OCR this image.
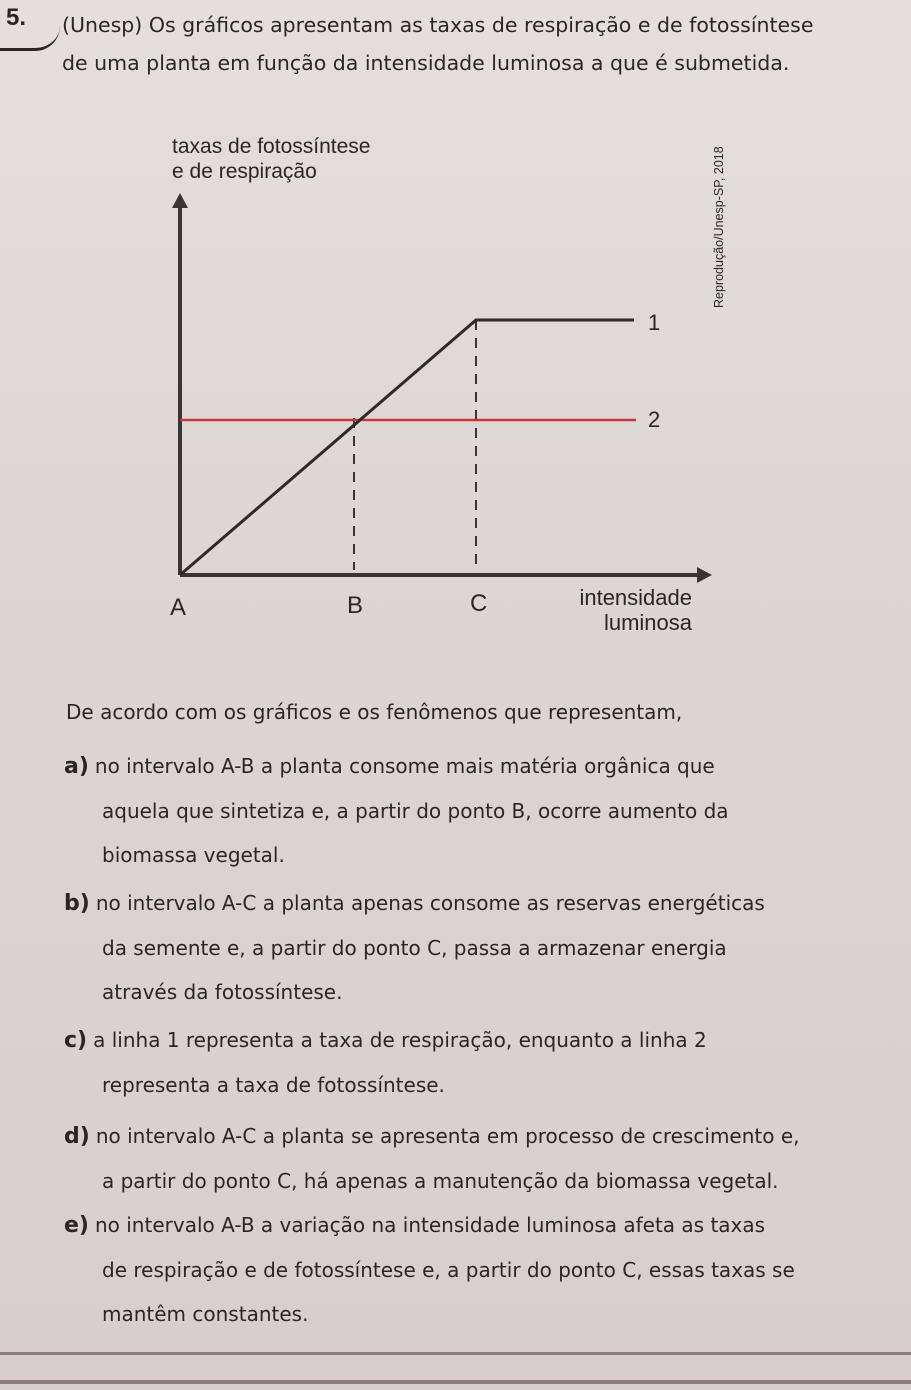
5. (Unesp) Os gráficos apresentam as taxas de respiração e de fotossíntese
de uma planta em função da intensidade luminosa a que é submetida.
Reprodução/Unesp-SP, 2018
taxas de fotossíntese
e de respiração
1
2
A	B	C	intensidade
luminosa
De acordo com os gráficos e os fenômenos que representam,
a) no intervalo A-B a planta consome mais matéria orgânica que
aquela que sintetiza e, a partir do ponto B, ocorre aumento da
biomassa vegetal.
b) no intervalo A-C a planta apenas consome as reservas energéticas
da semente e, a partir do ponto C, passa a armazenar energia
através da fotossíntese.
c) a linha 1 representa a taxa de respiração, enquanto a linha 2
representa a taxa de fotossíntese.
d) no intervalo A-C a planta se apresenta em processo de crescimento e,
a partir do ponto C, há apenas a manutenção da biomassa vegetal.
e) no intervalo A-B a variação na intensidade luminosa afeta as taxas
de respiração e de fotossíntese e, a partir do ponto C, essas taxas se
mantêm constantes.
